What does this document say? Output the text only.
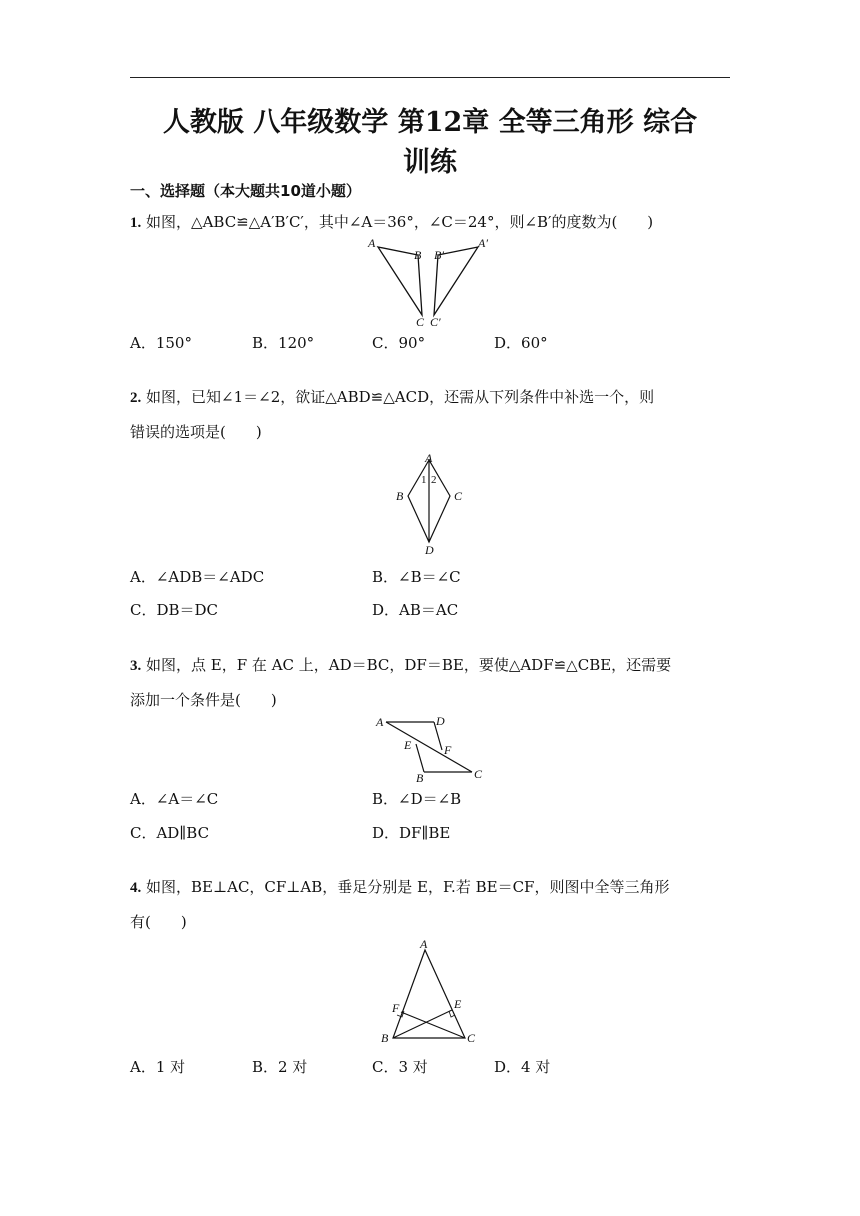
人教版 八年级数学 第12章 全等三角形 综合
训练
一、选择题（本大题共10道小题）
1. 如图，△ABC≌△A′B′C′，其中∠A＝36°，∠C＝24°，则∠B′的度数为(　　)
A
B B′
A′
C C′
A．150°	B．120°	C．90°	D．60°
2. 如图，已知∠1＝∠2，欲证△ABD≌△ACD，还需从下列条件中补选一个，则
错误的选项是(　　)
A
1 2
B	C
D
A．∠ADB＝∠ADC	B．∠B＝∠C
C．DB＝DC	D．AB＝AC
3. 如图，点 E，F 在 AC 上，AD＝BC，DF＝BE，要使△ADF≌△CBE，还需要
添加一个条件是(　　)
A	D
E	F
B	C
A．∠A＝∠C	B．∠D＝∠B
C．AD∥BC	D．DF∥BE
4. 如图，BE⊥AC，CF⊥AB，垂足分别是 E，F.若 BE＝CF，则图中全等三角形
有(　　)
A
F	E
B	C
A．1 对	B．2 对	C．3 对	D．4 对
